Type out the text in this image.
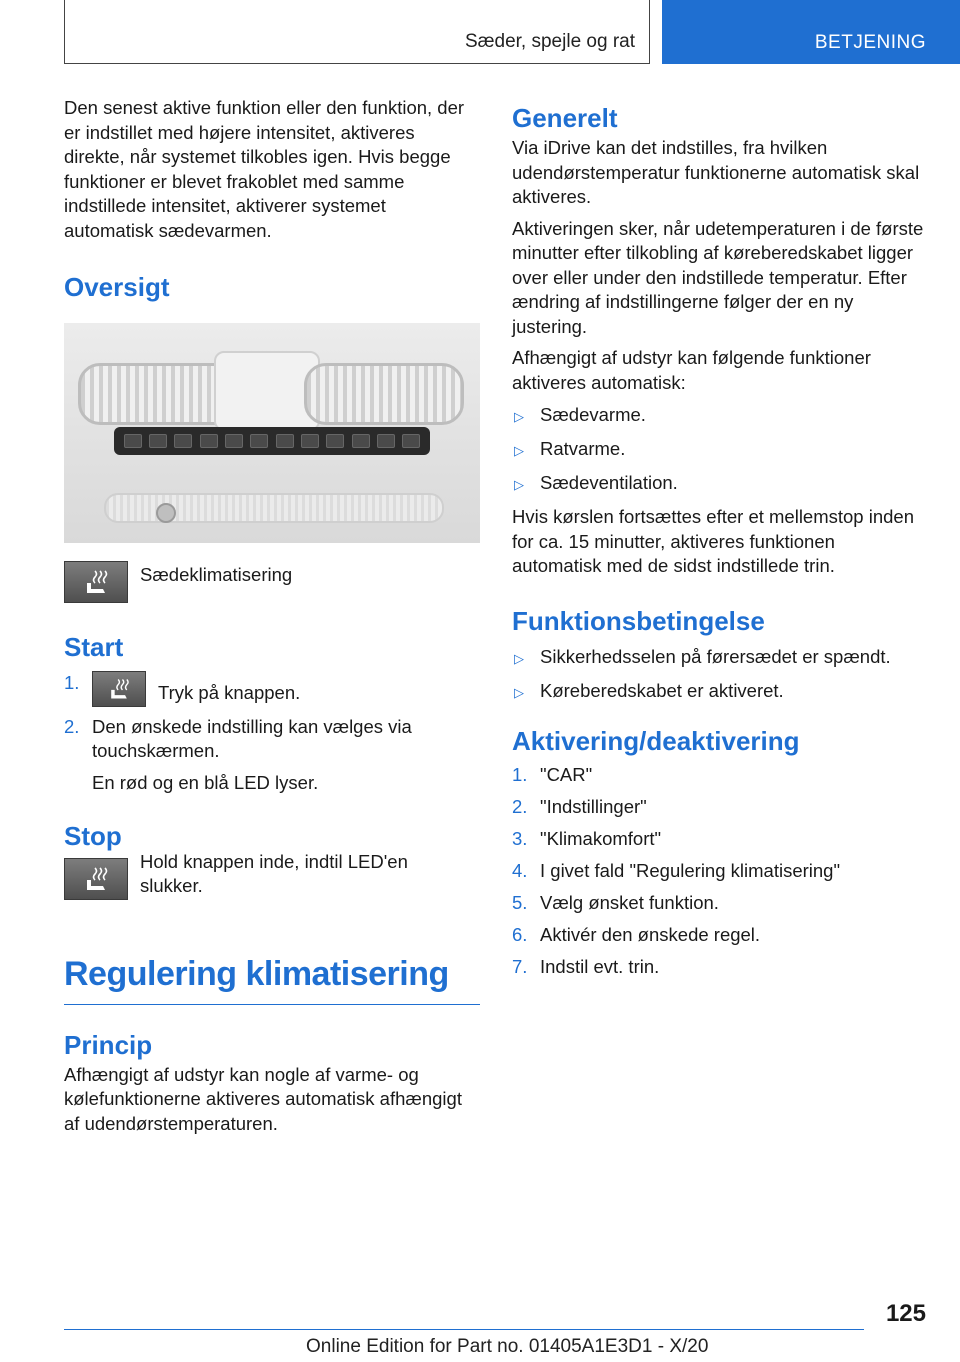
Sæder, spejle og rat	BETJENING

Den senest aktive funktion eller den funktion, der er indstillet med højere intensitet, aktiveres direkte, når systemet tilkobles igen. Hvis begge funktioner er blevet frakoblet med samme indstillede intensitet, aktiverer systemet automatisk sædevarmen.

Oversigt
Sædeklimatisering
Start
1.	Tryk på knappen.
2. Den ønskede indstilling kan vælges via touchskærmen.

En rød og en blå LED lyser.

Stop
Hold knappen inde, indtil LED'en slukker.
Regulering klimatisering
Princip

Afhængigt af udstyr kan nogle af varme- og kølefunktionerne aktiveres automatisk afhængigt af udendørstemperaturen.

Generelt

Via iDrive kan det indstilles, fra hvilken udendørstemperatur funktionerne automatisk skal aktiveres.

Aktiveringen sker, når udetemperaturen i de første minutter efter tilkobling af køreberedskabet ligger over eller under den indstillede temperatur. Efter ændring af indstillingerne følger der en ny justering.

Afhængigt af udstyr kan følgende funktioner aktiveres automatisk:

▷ Sædevarme.
▷ Ratvarme.
▷ Sædeventilation.

Hvis kørslen fortsættes efter et mellemstop inden for ca. 15 minutter, aktiveres funktionen automatisk med de sidst indstillede trin.

Funktionsbetingelse
▷ Sikkerhedsselen på førersædet er spændt.
▷ Køreberedskabet er aktiveret.
Aktivering/deaktivering
1. "CAR"
2. "Indstillinger"
3. "Klimakomfort"
4. I givet fald "Regulering klimatisering"
5. Vælg ønsket funktion.
6. Aktivér den ønskede regel.
7. Indstil evt. trin.
125
Online Edition for Part no. 01405A1E3D1 - X/20
